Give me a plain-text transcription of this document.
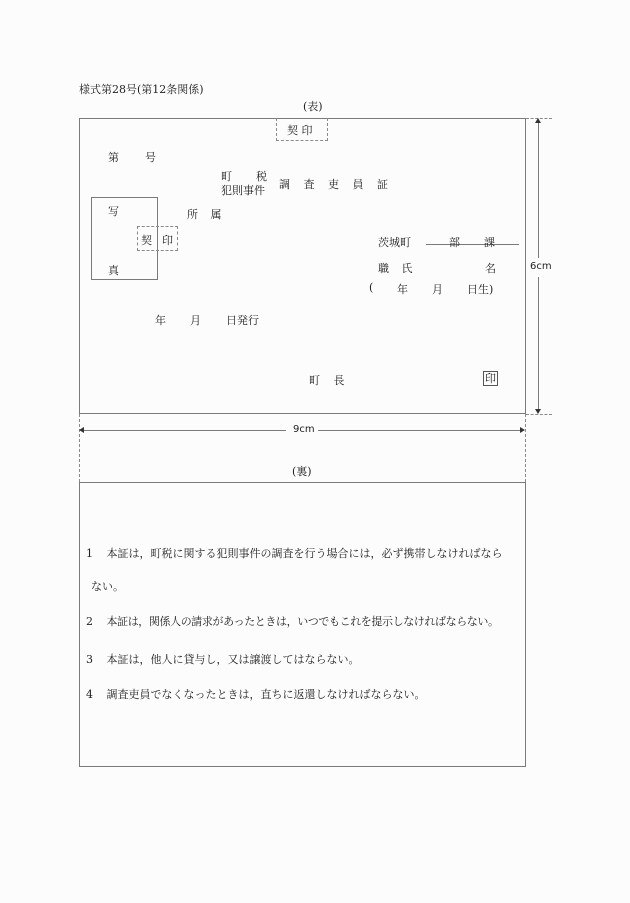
様式第28号(第12条関係)
(表)
契 印
第 号
町 税
犯則事件 調 査 吏 員 証
写
真
契 印
所 属
茨城町	部 課
職 氏	名
( 年 月 日生)
年 月 日発行
町 長	印
6cm
9cm
(裏)
1 本証は，町税に関する犯則事件の調査を行う場合には，必ず携帯しなければなら
ない。
2 本証は，関係人の請求があったときは，いつでもこれを提示しなければならない。
3 本証は，他人に貸与し，又は譲渡してはならない。
4 調査吏員でなくなったときは，直ちに返還しなければならない。
